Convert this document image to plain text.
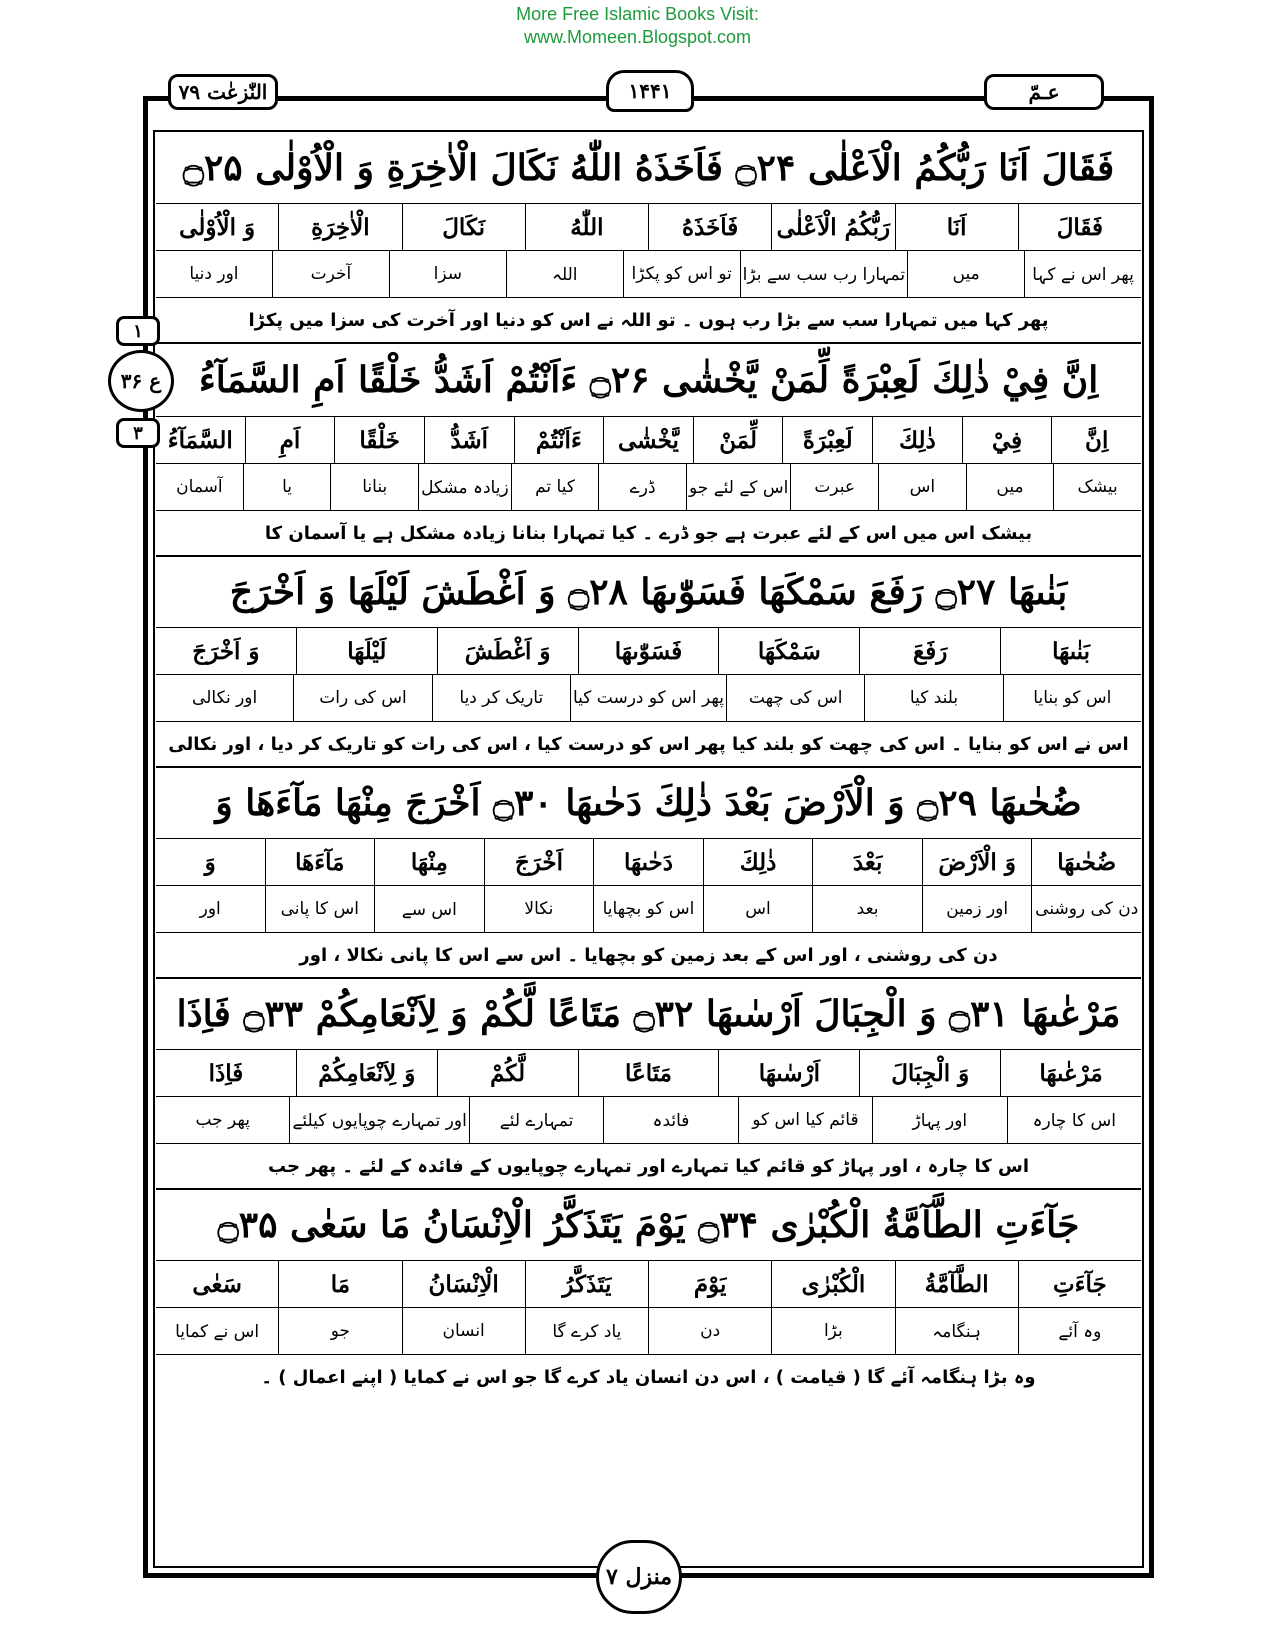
More Free Islamic Books Visit:
www.Momeen.Blogspot.com
النّٰزعٰت ۷۹	۱۴۴۱	عـمّ
۱
ع ۳۶
۳
فَقَالَ اَنَا رَبُّكُمُ الْاَعْلٰى ۝۲۴ فَاَخَذَهُ اللّٰهُ نَكَالَ الْاٰخِرَةِ وَ الْاُوْلٰى ۝۲۵
فَقَالَ
اَنَا
رَبُّكُمُ الْاَعْلٰى
فَاَخَذَهُ
اللّٰهُ
نَكَالَ
الْاٰخِرَةِ
وَ الْاُوْلٰى
پھر اس نے کہا
میں
تمہارا رب سب سے بڑا
تو اس کو پکڑا
اللہ
سزا
آخرت
اور دنیا
پھر کہا میں تمہارا سب سے بڑا رب ہوں ۔ تو اللہ نے اس کو دنیا اور آخرت کی سزا میں پکڑا
اِنَّ فِيْ ذٰلِكَ لَعِبْرَةً لِّمَنْ يَّخْشٰى ۝۲۶ ءَاَنْتُمْ اَشَدُّ خَلْقًا اَمِ السَّمَآءُ
اِنَّ
فِيْ
ذٰلِكَ
لَعِبْرَةً
لِّمَنْ
يَّخْشٰى
ءَاَنْتُمْ
اَشَدُّ
خَلْقًا
اَمِ
السَّمَآءُ
بیشک
میں
اس
عبرت
اس کے لئے جو
ڈرے
کیا تم
زیادہ مشکل
بنانا
یا
آسمان
بیشک اس میں اس کے لئے عبرت ہے جو ڈرے ۔ کیا تمہارا بنانا زیادہ مشکل ہے یا آسمان کا
بَنٰىهَا ۝۲۷ رَفَعَ سَمْكَهَا فَسَوّٰىهَا ۝۲۸ وَ اَغْطَشَ لَيْلَهَا وَ اَخْرَجَ
بَنٰىهَا
رَفَعَ
سَمْكَهَا
فَسَوّٰىهَا
وَ اَغْطَشَ
لَيْلَهَا
وَ اَخْرَجَ
اس کو بنایا
بلند کیا
اس کی چھت
پھر اس کو درست کیا
تاریک کر دیا
اس کی رات
اور نکالی
اس نے اس کو بنایا ۔ اس کی چھت کو بلند کیا پھر اس کو درست کیا ، اس کی رات کو تاریک کر دیا ، اور نکالی
ضُحٰىهَا ۝۲۹ وَ الْاَرْضَ بَعْدَ ذٰلِكَ دَحٰىهَا ۝۳۰ اَخْرَجَ مِنْهَا مَآءَهَا وَ
ضُحٰىهَا
وَ الْاَرْضَ
بَعْدَ
ذٰلِكَ
دَحٰىهَا
اَخْرَجَ
مِنْهَا
مَآءَهَا
وَ
دن کی روشنی
اور زمین
بعد
اس
اس کو بچھایا
نکالا
اس سے
اس کا پانی
اور
دن کی روشنی ، اور اس کے بعد زمین کو بچھایا ۔ اس سے اس کا پانی نکالا ، اور
مَرْعٰىهَا ۝۳۱ وَ الْجِبَالَ اَرْسٰىهَا ۝۳۲ مَتَاعًا لَّكُمْ وَ لِاَنْعَامِكُمْ ۝۳۳ فَاِذَا
مَرْعٰىهَا
وَ الْجِبَالَ
اَرْسٰىهَا
مَتَاعًا
لَّكُمْ
وَ لِاَنْعَامِكُمْ
فَاِذَا
اس کا چارہ
اور پہاڑ
قائم کیا اس کو
فائدہ
تمہارے لئے
اور تمہارے چوپایوں کیلئے
پھر جب
اس کا چارہ ، اور پہاڑ کو قائم کیا تمہارے اور تمہارے چوپایوں کے فائدہ کے لئے ۔ پھر جب
جَآءَتِ الطَّآمَّةُ الْكُبْرٰى ۝۳۴ يَوْمَ يَتَذَكَّرُ الْاِنْسَانُ مَا سَعٰى ۝۳۵
جَآءَتِ
الطَّآمَّةُ
الْكُبْرٰى
يَوْمَ
يَتَذَكَّرُ
الْاِنْسَانُ
مَا
سَعٰى
وہ آئے
ہنگامہ
بڑا
دن
یاد کرے گا
انسان
جو
اس نے کمایا
وہ بڑا ہنگامہ آئے گا ( قیامت ) ، اس دن انسان یاد کرے گا جو اس نے کمایا ( اپنے اعمال ) ۔
منزل ۷
